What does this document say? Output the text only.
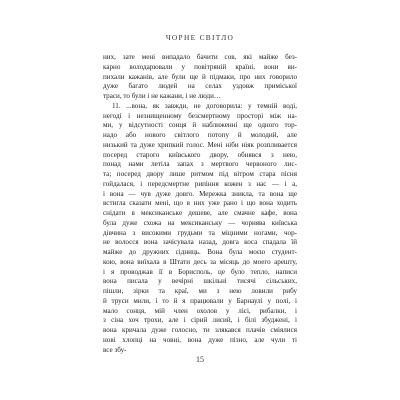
ЧОРНЕ СВІТЛО
них, зате мені випадало бачити сов, які майже без-
карно володарювали у повітряній країні, вони ви-
пихали кажанів, але були ще й підмаки, про них говорило
дуже багато людей на селах уздовж приміської
траси, то були і не кажани, і не люди…
11. ...вона, як завжди, не договорила: у темній воді,
негоді і незнищенному безсмертному просторі між на-
ми, у відсутності сонця й наближенні ще одного тор-
надо абo нового світлого потопу й молодий, але
низький та дуже хрипкий голос. Мені ніби ніяк розпливается
посеред старого київського двору, обнявся з нею,
понад нами летіла запах з мертвого червоного лис-
та; посеред двору лише ритмом під вітром стара пісня
гойдалася, і передсмертне рипіння кожен з нас — і а,
і вона — чув дуже довго. Мережка зникла, та вона ще
встигла сказати мені, що в них уже рано і що вона ходить
снідати в мексиканськe дешеве, але смачне кафе, вона
була дуже схожа на мексиканську — чорнява київська
дівчина з високими грудьми та міцними ногами, чор-
не волосся вона зачісувала назад, довга коса спадала їй
майже до дружних сідниць. Вона була моєю студент-
кою, вона виїхала в Штати десь за місяць до моего арешту,
і я проводжав її в Борисполь, це було тепло, написи
вона писала у вечірні шкільні тисячі сільських,
пішли, зірки та краї, ми з нею ловили рибу
й труси мили, і то й я працювали у Барнаулі у полі, і
мало сонця, мій член охолов у лісі, рибалки, і
з сіна хоч трохи, але і сірий лисий, і білі збуджені, і
вона кричала дуже голосно, ти злякався плачів сміялися
нові хлопці на човні, вона дуже пізно, але чули ті
все збу-
15
